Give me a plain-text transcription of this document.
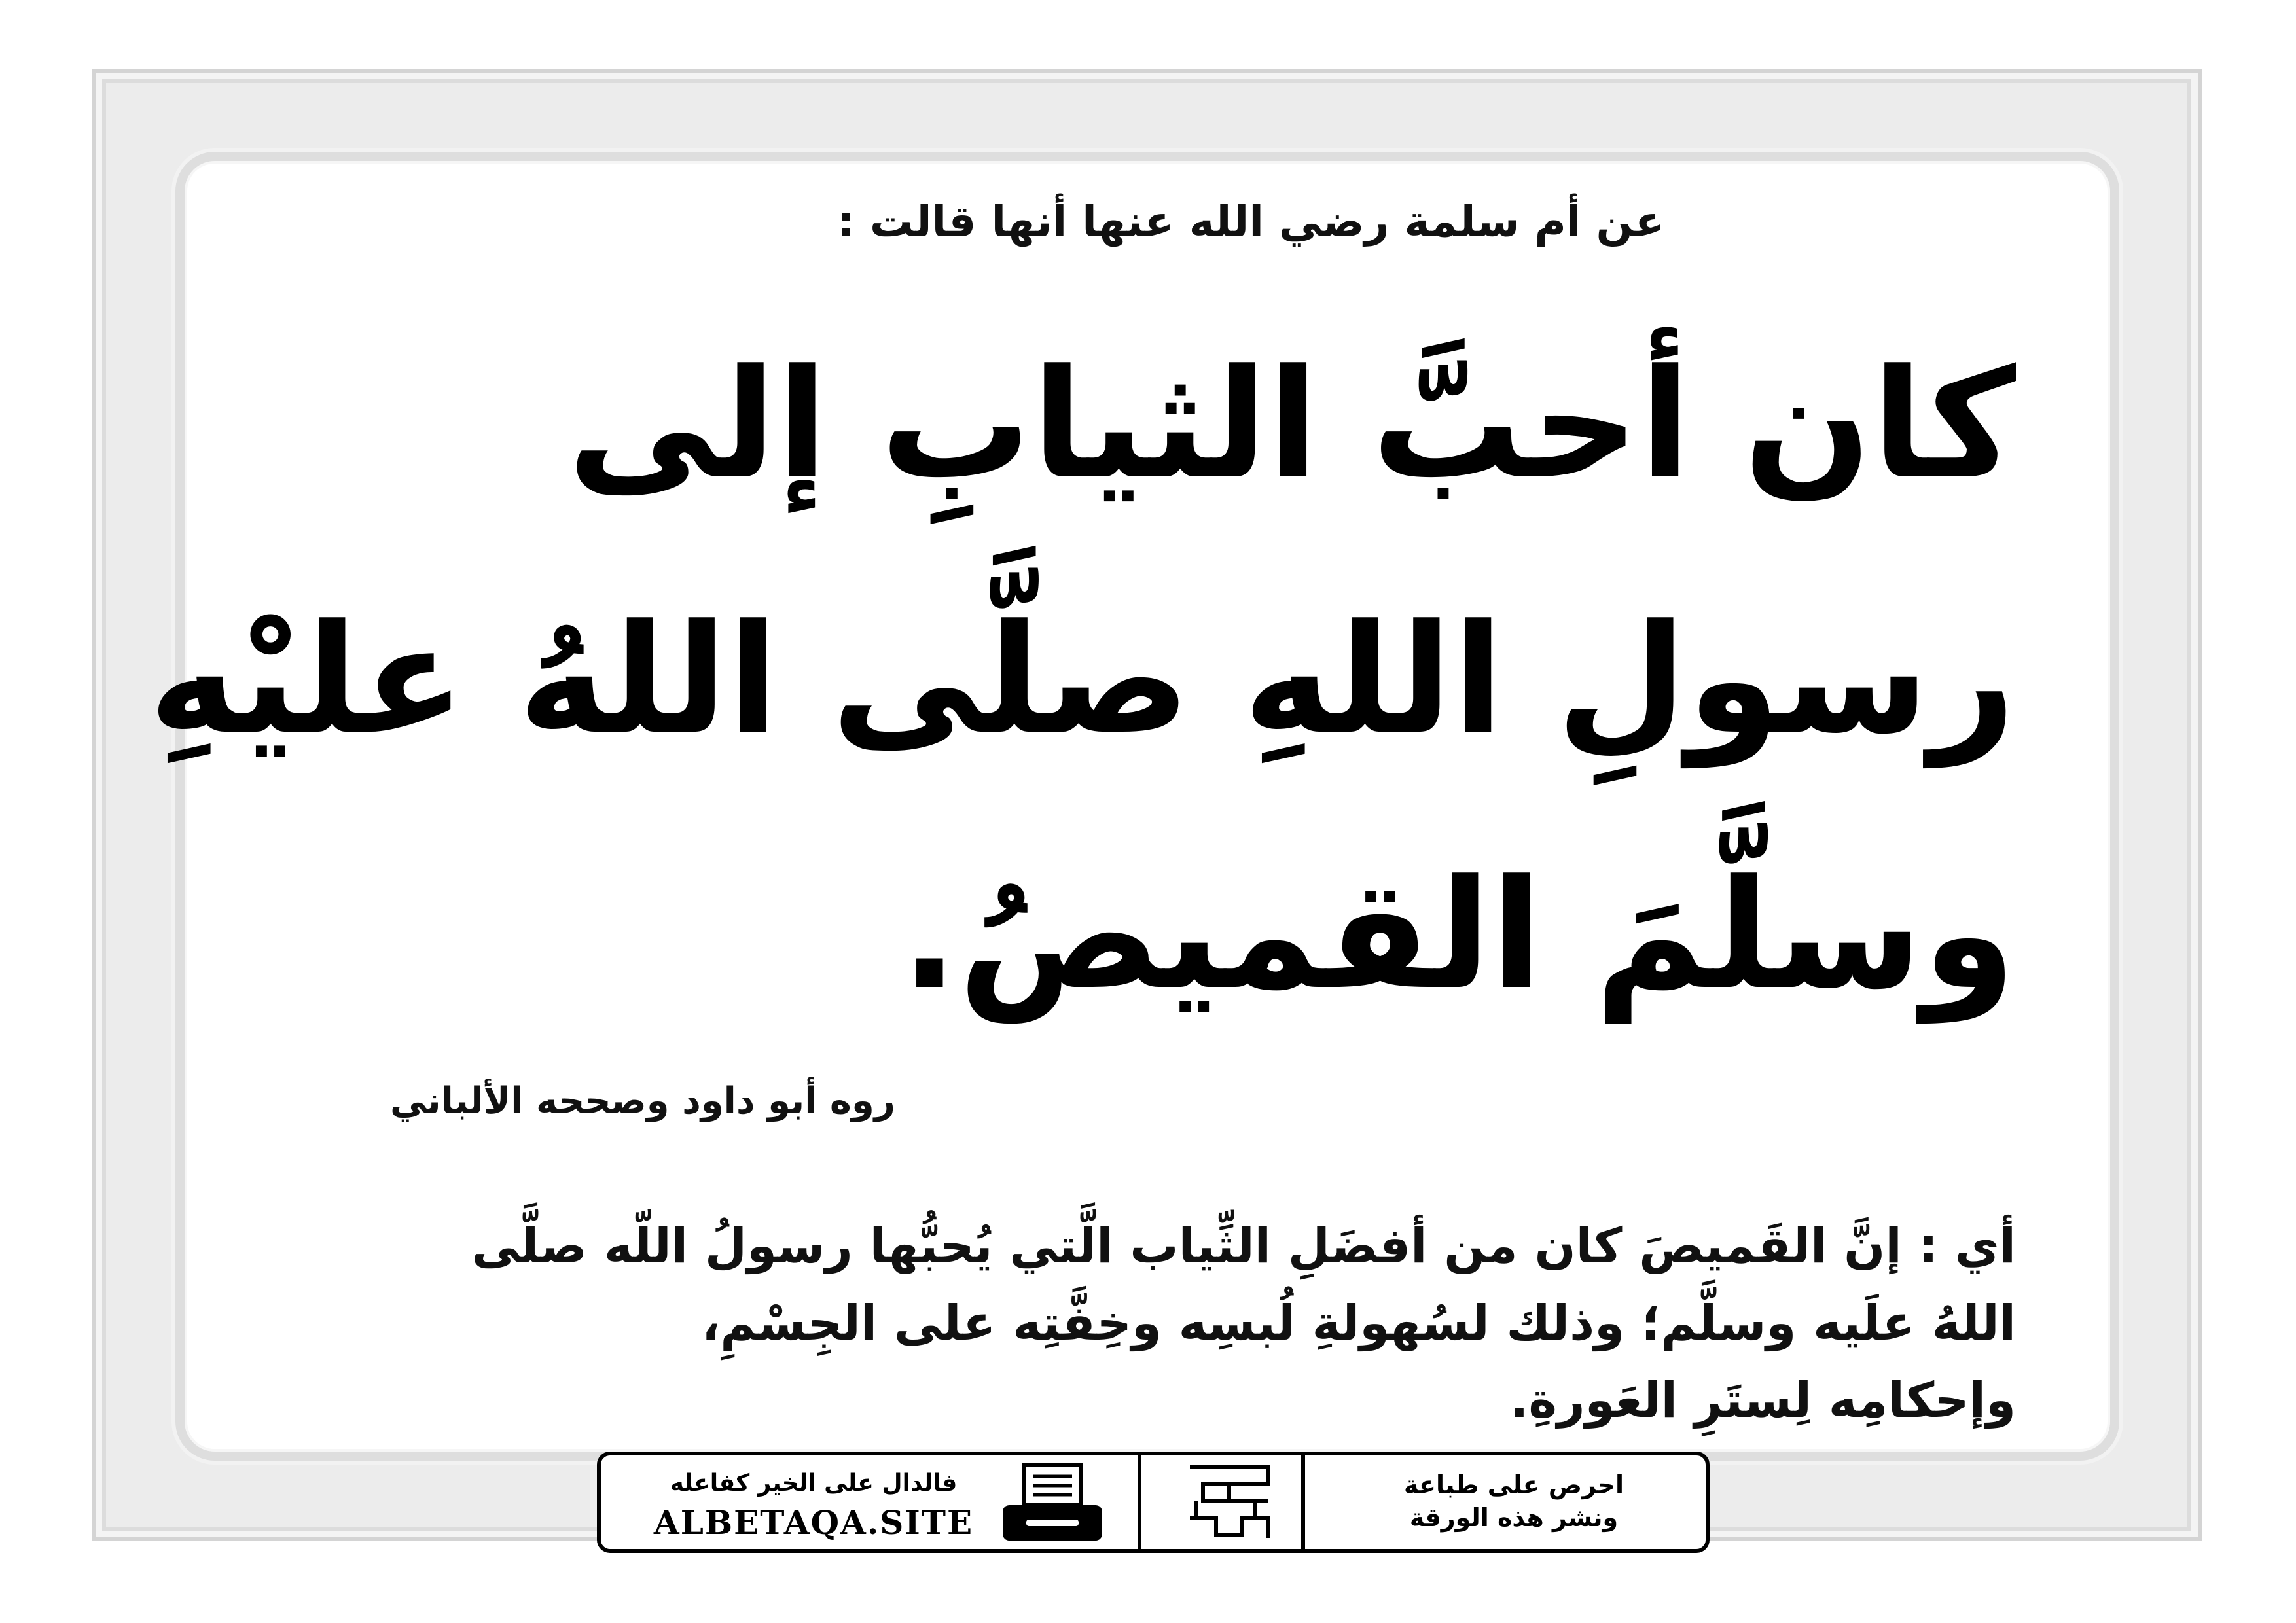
عن أم سلمة رضي الله عنها أنها قالت :
كان أحبَّ الثيابِ إلى
رسولِ اللهِ صلَّى اللهُ عليْهِ
وسلَّمَ القميصُ.
روه أبو داود وصححه الألباني
أي : إنَّ القَميصَ كان من أفضَلِ الثِّياب الَّتي يُحبُّها رسولُ اللّه صلَّى
اللهُ علَيه وسلَّم؛ وذلك لسُهولةِ لُبسِه وخِفَّتِه على الجِسْمِ،
وإحكامِه لِستَرِ العَورةِ.
فالدال على الخير كفاعله
ALBETAQA.SITE
احرص على طباعة
ونشر هذه الورقة
